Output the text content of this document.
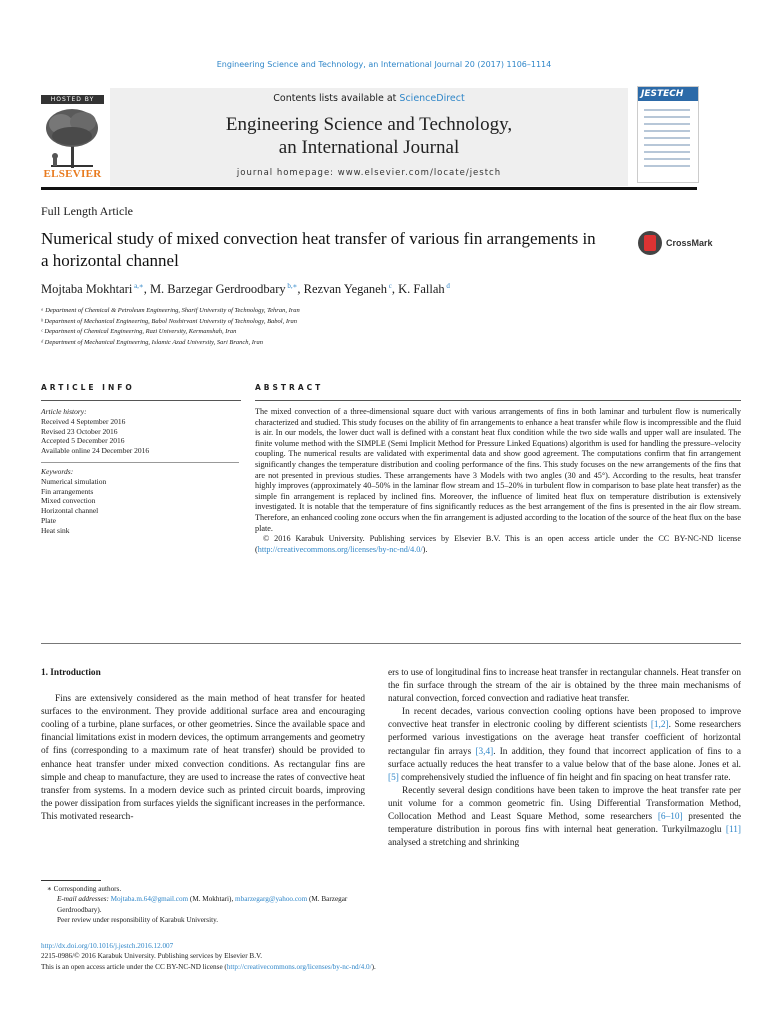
Engineering Science and Technology, an International Journal 20 (2017) 1106–1114
HOSTED BY
ELSEVIER
Contents lists available at ScienceDirect
Engineering Science and Technology,
an International Journal
journal homepage: www.elsevier.com/locate/jestch
JESTECH
Full Length Article
Numerical study of mixed convection heat transfer of various fin arrangements in a horizontal channel
CrossMark
Mojtaba Mokhtari $^{a,∗}$, M. Barzegar Gerdroodbary $^{b,∗}$, Rezvan Yeganeh $^c$, K. Fallah $^d$
ᵃ Department of Chemical & Petroleum Engineering, Sharif University of Technology, Tehran, Iran
ᵇ Department of Mechanical Engineering, Babol Noshirvani University of Technology, Babol, Iran
ᶜ Department of Chemical Engineering, Razi University, Kermanshah, Iran
ᵈ Department of Mechanical Engineering, Islamic Azad University, Sari Branch, Iran
ARTICLE INFO
Article history:
Received 4 September 2016
Revised 23 October 2016
Accepted 5 December 2016
Available online 24 December 2016
Keywords:
Numerical simulation
Fin arrangements
Mixed convection
Horizontal channel
Plate
Heat sink
ABSTRACT
The mixed convection of a three-dimensional square duct with various arrangements of fins in both laminar and turbulent flow is numerically characterized and studied. This study focuses on the ability of fin arrangements to enhance a heat transfer while flow is incompressible and the fluid is air. In our models, the lower duct wall is defined with a constant heat flux condition while the two side walls and upper wall are insulated. The finite volume method with the SIMPLE (Semi Implicit Method for Pressure Linked Equations) algorithm is used for handling the pressure–velocity coupling. The numerical results are validated with experimental data and show good agreement. The computations confirm that fin arrangement significantly changes the temperature distribution and cooling performance of the fins. This study focuses on the new arrangements of the fins that are not presented in previous studies. These arrangements have 3 Models with two angles (30 and 45°). According to the results, heat transfer highly improves (approximately 40–50% in the laminar flow stream and 15–20% in turbulent flow in comparison to base plate heat transfer) as the simple fin arrangement is replaced by inclined fins. Moreover, the influence of limited heat flux on temperature distribution is extensively investigated. It is notable that the temperature of fins significantly reduces as the best arrangement of the fins is presented in the air flow stream. Therefore, an enhanced cooling zone occurs when the fin arrangement is adjusted according to the location of the source of the heat flux on the base plate.
© 2016 Karabuk University. Publishing services by Elsevier B.V. This is an open access article under the CC BY-NC-ND license (http://creativecommons.org/licenses/by-nc-nd/4.0/).
1. Introduction

Fins are extensively considered as the main method of heat transfer for heated surfaces to the environment. They provide additional surface area and encouraging cooling of a turbine, plane surfaces, or other geometries. Since the available space and financial limitations exist in modern devices, the optimum arrangements and geometry of fins (corresponding to a maximum rate of heat transfer) should be provided to enhance heat transfer under mixed convection conditions. As rectangular fins are simple and cheap to manufacture, they are used to increase the rates of convective heat transfer from systems. In a modern device such as printed circuit boards, improving the power dissipation from surfaces yields the significant increases in the performance. This motivated research-

ers to use of longitudinal fins to increase heat transfer in rectangular channels. Heat transfer on the fin surface through the stream of the air is obtained by the three main mechanisms of natural convection, forced convection and radiative heat transfer.

In recent decades, various convection cooling options have been proposed to improve convective heat transfer in electronic cooling by different scientists [1,2]. Some researchers performed various investigations on the average heat transfer coefficient of horizontal rectangular fin arrays [3,4]. In addition, they found that incorrect application of fins to a surface actually reduces the heat transfer to a value below that of the base alone. Jones et al. [5] comprehensively studied the influence of fin height and fin spacing on heat transfer rate.

Recently several design conditions have been taken to improve the heat transfer rate per unit volume for a common geometric fin. Using Differential Transformation Method, Collocation Method and Least Square Method, some researchers [6–10] presented the temperature distribution in porous fins with internal heat generation. Turkyilmazoglu [11] analysed a stretching and shrinking

∗ Corresponding authors.
E-mail addresses: Mojtaba.m.64@gmail.com (M. Mokhtari), mbarzegarg@yahoo.com (M. Barzegar Gerdroodbary).
Peer review under responsibility of Karabuk University.
http://dx.doi.org/10.1016/j.jestch.2016.12.007
2215-0986/© 2016 Karabuk University. Publishing services by Elsevier B.V.
This is an open access article under the CC BY-NC-ND license (http://creativecommons.org/licenses/by-nc-nd/4.0/).
